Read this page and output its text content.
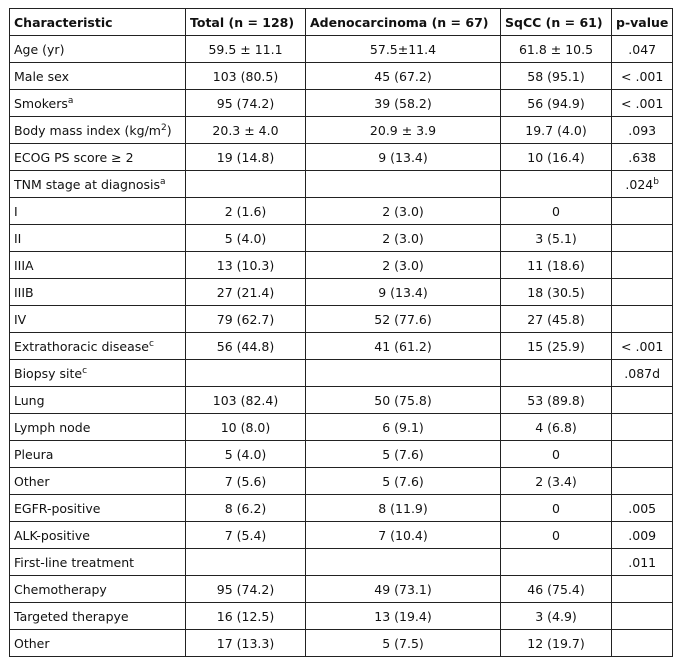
Characteristic	Total (n = 128)	Adenocarcinoma (n = 67)	SqCC (n = 61)	p-value
Age (yr)	59.5 ± 11.1	57.5±11.4	61.8 ± 10.5	.047
Male sex	103 (80.5)	45 (67.2)	58 (95.1)	< .001
Smokers$^a$	95 (74.2)	39 (58.2)	56 (94.9)	< .001
Body mass index $(kg/m^2)$	20.3 ± 4.0	20.9 ± 3.9	19.7 (4.0)	.093
ECOG PS score ≥ 2	19 (14.8)	9 (13.4)	10 (16.4)	.638
TNM stage at diagnosis$^a$				.024$^b$
I	2 (1.6)	2 (3.0)	0	
II	5 (4.0)	2 (3.0)	3 (5.1)	
IIIA	13 (10.3)	2 (3.0)	11 (18.6)	
IIIB	27 (21.4)	9 (13.4)	18 (30.5)	
IV	79 (62.7)	52 (77.6)	27 (45.8)	
Extrathoracic disease$^c$	56 (44.8)	41 (61.2)	15 (25.9)	< .001
Biopsy site$^c$				.087d
Lung	103 (82.4)	50 (75.8)	53 (89.8)	
Lymph node	10 (8.0)	6 (9.1)	4 (6.8)	
Pleura	5 (4.0)	5 (7.6)	0	
Other	7 (5.6)	5 (7.6)	2 (3.4)	
EGFR-positive	8 (6.2)	8 (11.9)	0	.005
ALK-positive	7 (5.4)	7 (10.4)	0	.009
First-line treatment				.011
Chemotherapy	95 (74.2)	49 (73.1)	46 (75.4)	
Targeted therapye	16 (12.5)	13 (19.4)	3 (4.9)	
Other	17 (13.3)	5 (7.5)	12 (19.7)	
